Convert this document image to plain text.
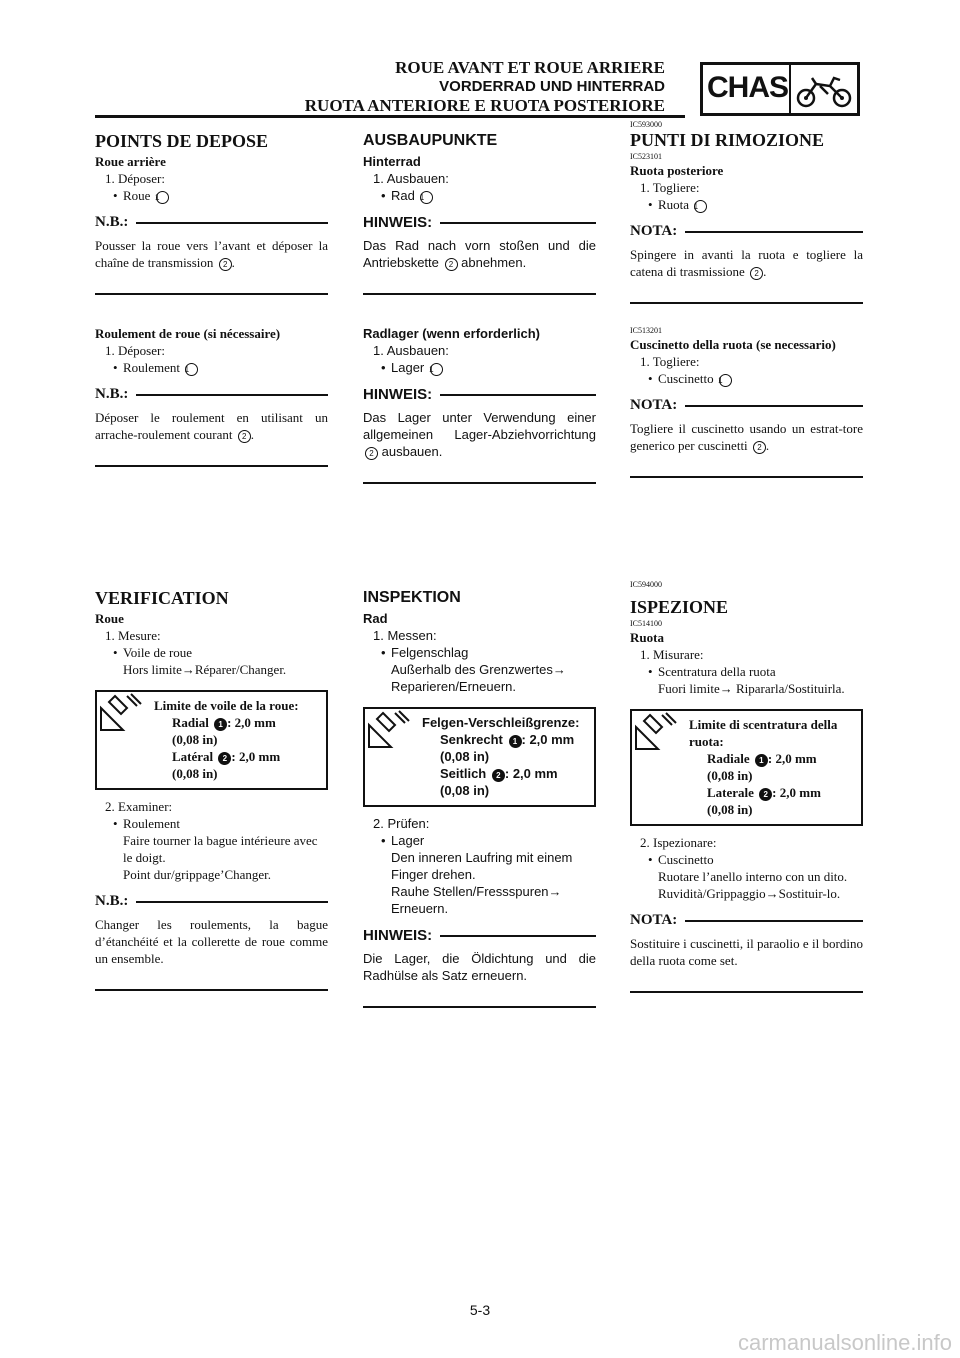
ROUE AVANT ET ROUE ARRIERE
VORDERRAD UND HINTERRAD
RUOTA ANTERIORE E RUOTA POSTERIORE
CHAS
POINTS DE DEPOSE
Roue arrière
1. Déposer:
• Roue 1
N.B.:
Pousser la roue vers l’avant et déposer la chaîne de transmission 2 .
Roulement de roue (si nécessaire)
1. Déposer:
• Roulement 1
N.B.:
Déposer le roulement en utilisant un arrache-roulement courant 2 .
VERIFICATION
Roue
1. Mesure:
• Voile de roue
Hors limite→Réparer/Changer.
Limite de voile de la roue:
Radial 1 : 2,0 mm
(0,08 in)
Latéral 2 : 2,0 mm
(0,08 in)
2. Examiner:
• Roulement
Faire tourner la bague intérieure avec le doigt.
Point dur/grippage’Changer.
N.B.:
Changer les roulements, la bague d’étanchéité et la collerette de roue comme un ensemble.
AUSBAUPUNKTE
Hinterrad
1. Ausbauen:
• Rad 1
HINWEIS:
Das Rad nach vorn stoßen und die Antriebskette 2 abnehmen.
Radlager (wenn erforderlich)
1. Ausbauen:
• Lager 1
HINWEIS:
Das Lager unter Verwendung einer allgemeinen Lager-Abziehvorrichtung 2 ausbauen.
INSPEKTION
Rad
1. Messen:
• Felgenschlag
Außerhalb des Grenzwertes→ Reparieren/Erneuern.
Felgen-Verschleißgrenze:
Senkrecht 1 : 2,0 mm
(0,08 in)
Seitlich 2 : 2,0 mm
(0,08 in)
2. Prüfen:
• Lager
Den inneren Laufring mit einem Finger drehen.
Rauhe Stellen/Fressspuren→ Erneuern.
HINWEIS:
Die Lager, die Öldichtung und die Radhülse als Satz erneuern.
IC593000
PUNTI DI RIMOZIONE
IC523101
Ruota posteriore
1. Togliere:
• Ruota 1
NOTA:
Spingere in avanti la ruota e togliere la catena di trasmissione 2 .
IC513201
Cuscinetto della ruota (se necessario)
1. Togliere:
• Cuscinetto 1
NOTA:
Togliere il cuscinetto usando un estrat-tore generico per cuscinetti 2 .
IC594000
ISPEZIONE
IC514100
Ruota
1. Misurare:
• Scentratura della ruota
Fuori limite→ Ripararla/Sostituirla.
Limite di scentratura della ruota:
Radiale 1 : 2,0 mm
(0,08 in)
Laterale 2 : 2,0 mm
(0,08 in)
2. Ispezionare:
• Cuscinetto
Ruotare l’anello interno con un dito.
Ruvidità/Grippaggio→Sostituir-lo.
NOTA:
Sostituire i cuscinetti, il paraolio e il bordino della ruota come set.
5-3
carmanualsonline.info
